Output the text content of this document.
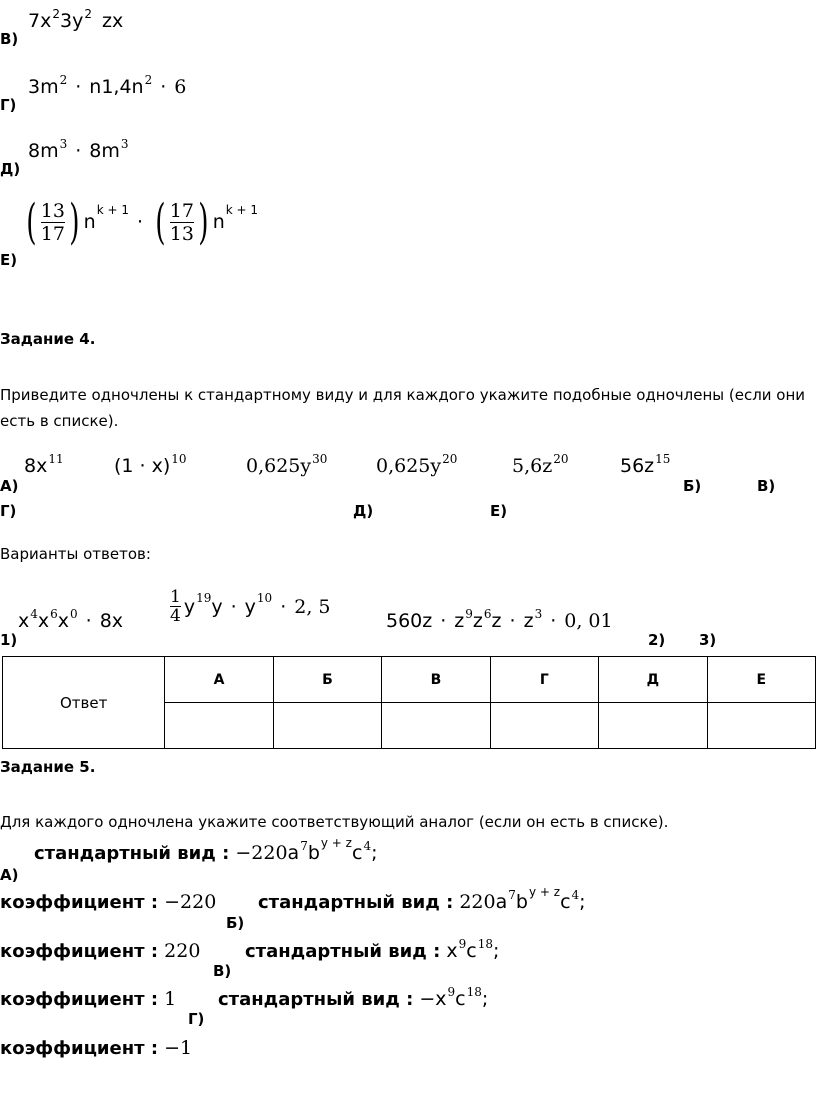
$7x^23y^2$ zx
В)
$3m^2 \cdot n1,4n^2 \cdot 6$
Г)
$8m^3 \cdot 8m^3$
Д)
( $\frac{13}{17}$ ) n
$^{k + 1}$
· ( $\frac{17}{13}$ ) n
$^{k + 1}$
Е)
Задание 4.
Приведите одночлены к стандартному виду и для каждого укажите подобные одночлены (если они есть в списке).
$8x^{11}$	$(1 \cdot x)^{10}$	$0,625y^{30}$	$0,625y^{20}$	$5,6z^{20}$	$56z^{15}$
А)	Б)	В)
Г)	Д)	Е)
Варианты ответов:
$x^4x^6x^0 \cdot 8x$
1
4 $y^{19}$ $y \cdot y^{10} \cdot 2$, 5
$560z \cdot z^9z^6z \cdot z^3 \cdot 0$, 01
1)	2) 3)
Ответ	А	Б	В	Г	Д	Е

Задание 5.
Для каждого одночлена укажите соответствующий аналог (если он есть в списке).
стандартный вид : $-220a^7b^{y + z}c^4$;
А)
коэффициент : −220 стандартный вид : $220a^7b^{y + z}c^4$;
Б)
коэффициент : 220 стандартный вид : $x^9c^{18}$;
В)
коэффициент : 1 стандартный вид : $-x^9c^{18}$;
Г)
коэффициент : −1
